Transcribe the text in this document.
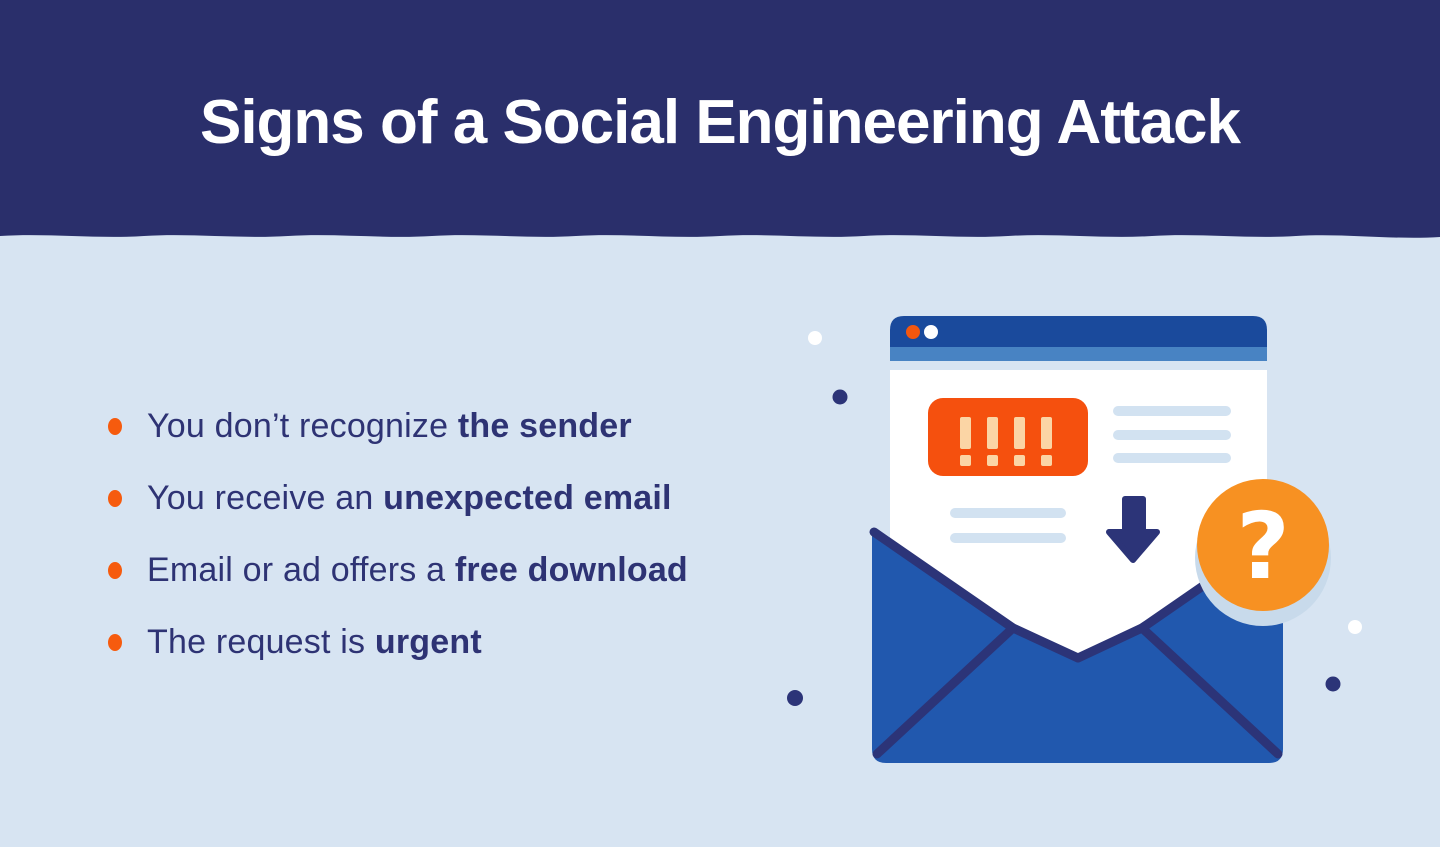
Signs of a Social Engineering Attack
You don’t recognize the sender
You receive an unexpected email
Email or ad offers a free download
The request is urgent
?
